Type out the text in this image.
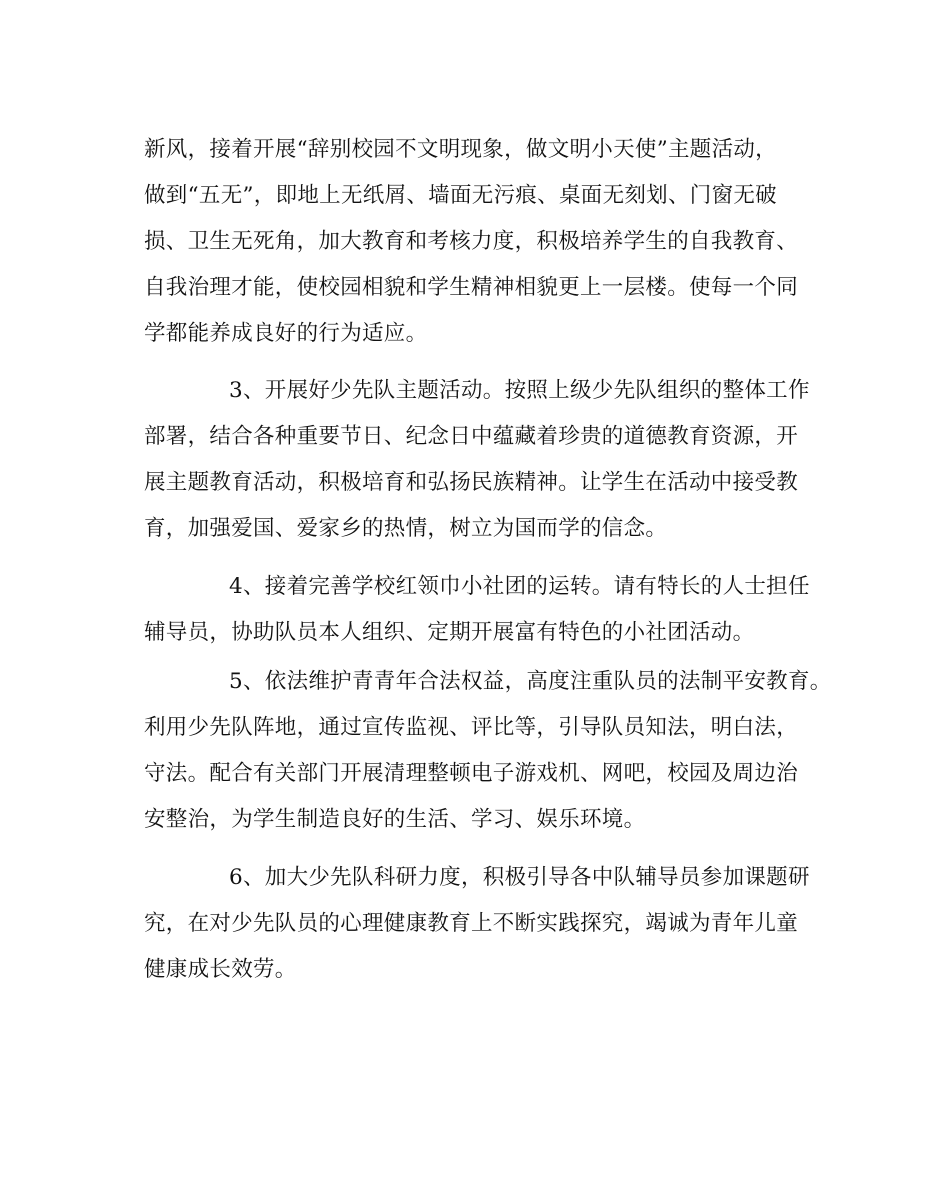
新风，接着开展“辞别校园不文明现象，做文明小天使”主题活动，
做到“五无”，即地上无纸屑、墙面无污痕、桌面无刻划、门窗无破
损、卫生无死角，加大教育和考核力度，积极培养学生的自我教育、
自我治理才能，使校园相貌和学生精神相貌更上一层楼。使每一个同
学都能养成良好的行为适应。
3、开展好少先队主题活动。按照上级少先队组织的整体工作
部署，结合各种重要节日、纪念日中蕴藏着珍贵的道德教育资源，开
展主题教育活动，积极培育和弘扬民族精神。让学生在活动中接受教
育，加强爱国、爱家乡的热情，树立为国而学的信念。
4、接着完善学校红领巾小社团的运转。请有特长的人士担任
辅导员，协助队员本人组织、定期开展富有特色的小社团活动。
5、依法维护青青年合法权益，高度注重队员的法制平安教育。
利用少先队阵地，通过宣传监视、评比等，引导队员知法，明白法，
守法。配合有关部门开展清理整顿电子游戏机、网吧，校园及周边治
安整治，为学生制造良好的生活、学习、娱乐环境。
6、加大少先队科研力度，积极引导各中队辅导员参加课题研
究，在对少先队员的心理健康教育上不断实践探究，竭诚为青年儿童
健康成长效劳。
